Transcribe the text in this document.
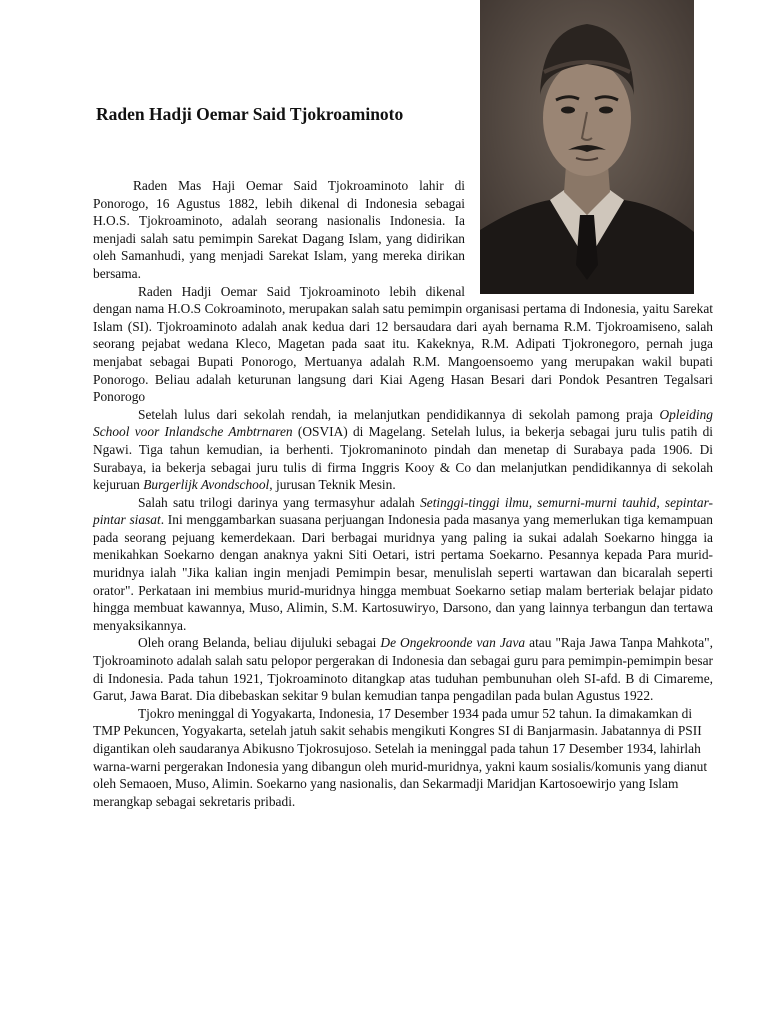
Raden Hadji Oemar Said Tjokroaminoto

Raden Mas Haji Oemar Said Tjokroaminoto lahir di Ponorogo, 16 Agustus 1882, lebih dikenal di Indonesia sebagai H.O.S. Tjokroaminoto, adalah seorang nasionalis Indonesia. Ia menjadi salah satu pemimpin Sarekat Dagang Islam, yang didirikan oleh Samanhudi, yang menjadi Sarekat Islam, yang mereka dirikan bersama.

Raden Hadji Oemar Said Tjokroaminoto lebih dikenal dengan nama H.O.S Cokroaminoto, merupakan salah satu pemimpin organisasi pertama di Indonesia, yaitu Sarekat Islam (SI). Tjokroaminoto adalah anak kedua dari 12 bersaudara dari ayah bernama R.M. Tjokroamiseno, salah seorang pejabat wedana Kleco, Magetan pada saat itu. Kakeknya, R.M. Adipati Tjokronegoro, pernah juga menjabat sebagai Bupati Ponorogo, Mertuanya adalah R.M. Mangoensoemo yang merupakan wakil bupati Ponorogo. Beliau adalah keturunan langsung dari Kiai Ageng Hasan Besari dari Pondok Pesantren Tegalsari Ponorogo

Setelah lulus dari sekolah rendah, ia melanjutkan pendidikannya di sekolah pamong praja Opleiding School voor Inlandsche Ambtrnaren (OSVIA) di Magelang. Setelah lulus, ia bekerja sebagai juru tulis patih di Ngawi. Tiga tahun kemudian, ia berhenti. Tjokromaninoto pindah dan menetap di Surabaya pada 1906. Di Surabaya, ia bekerja sebagai juru tulis di firma Inggris Kooy & Co dan melanjutkan pendidikannya di sekolah kejuruan Burgerlijk Avondschool, jurusan Teknik Mesin.

Salah satu trilogi darinya yang termasyhur adalah Setinggi-tinggi ilmu, semurni-murni tauhid, sepintar-pintar siasat. Ini menggambarkan suasana perjuangan Indonesia pada masanya yang memerlukan tiga kemampuan pada seorang pejuang kemerdekaan. Dari berbagai muridnya yang paling ia sukai adalah Soekarno hingga ia menikahkan Soekarno dengan anaknya yakni Siti Oetari, istri pertama Soekarno. Pesannya kepada Para murid-muridnya ialah "Jika kalian ingin menjadi Pemimpin besar, menulislah seperti wartawan dan bicaralah seperti orator". Perkataan ini membius murid-muridnya hingga membuat Soekarno setiap malam berteriak belajar pidato hingga membuat kawannya, Muso, Alimin, S.M. Kartosuwiryo, Darsono, dan yang lainnya terbangun dan tertawa menyaksikannya.

Oleh orang Belanda, beliau dijuluki sebagai De Ongekroonde van Java atau "Raja Jawa Tanpa Mahkota", Tjokroaminoto adalah salah satu pelopor pergerakan di Indonesia dan sebagai guru para pemimpin-pemimpin besar di Indonesia. Pada tahun 1921, Tjokroaminoto ditangkap atas tuduhan pembunuhan oleh SI-afd. B di Cimareme, Garut, Jawa Barat. Dia dibebaskan sekitar 9 bulan kemudian tanpa pengadilan pada bulan Agustus 1922.

Tjokro meninggal di Yogyakarta, Indonesia, 17 Desember 1934 pada umur 52 tahun. Ia dimakamkan di TMP Pekuncen, Yogyakarta, setelah jatuh sakit sehabis mengikuti Kongres SI di Banjarmasin. Jabatannya di PSII digantikan oleh saudaranya Abikusno Tjokrosujoso. Setelah ia meninggal pada tahun 17 Desember 1934, lahirlah warna-warni pergerakan Indonesia yang dibangun oleh murid-muridnya, yakni kaum sosialis/komunis yang dianut oleh Semaoen, Muso, Alimin. Soekarno yang nasionalis, dan Sekarmadji Maridjan Kartosoewirjo yang Islam merangkap sebagai sekretaris pribadi.
